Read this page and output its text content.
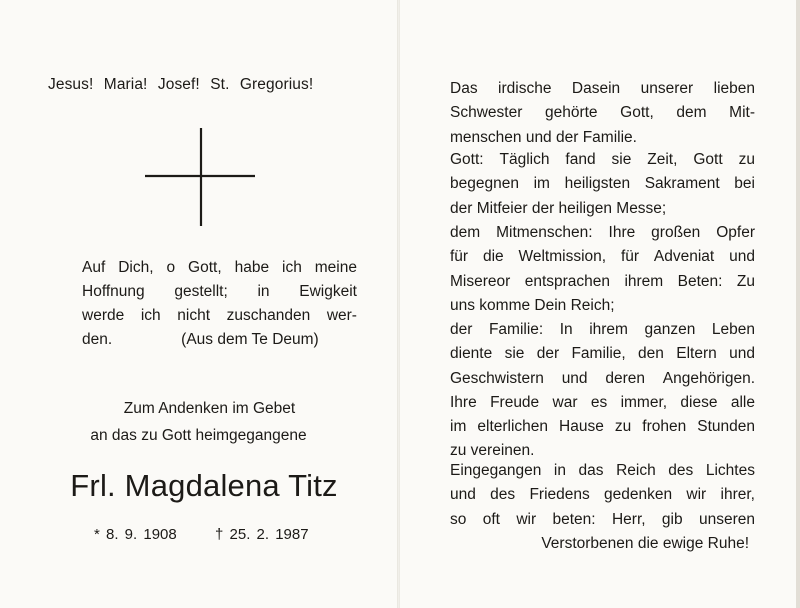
Jesus! Maria! Josef! St. Gregorius!
Auf Dich, o Gott, habe ich meine
Hoffnung gestellt; in Ewigkeit
werde ich nicht zuschanden wer-
den.	(Aus dem Te Deum)
Zum Andenken im Gebet
an das zu Gott heimgegangene
Frl. Magdalena Titz
* 8. 9. 1908	† 25. 2. 1987
Das irdische Dasein unserer lieben
Schwester gehörte Gott, dem Mit-
menschen und der Familie.
Gott: Täglich fand sie Zeit, Gott zu
begegnen im heiligsten Sakrament bei
der Mitfeier der heiligen Messe;
dem Mitmenschen: Ihre großen Opfer
für die Weltmission, für Adveniat und
Misereor entsprachen ihrem Beten: Zu
uns komme Dein Reich;
der Familie: In ihrem ganzen Leben
diente sie der Familie, den Eltern und
Geschwistern und deren Angehörigen.
Ihre Freude war es immer, diese alle
im elterlichen Hause zu frohen Stunden
zu vereinen.
Eingegangen in das Reich des Lichtes
und des Friedens gedenken wir ihrer,
so oft wir beten: Herr, gib unseren
Verstorbenen die ewige Ruhe!
